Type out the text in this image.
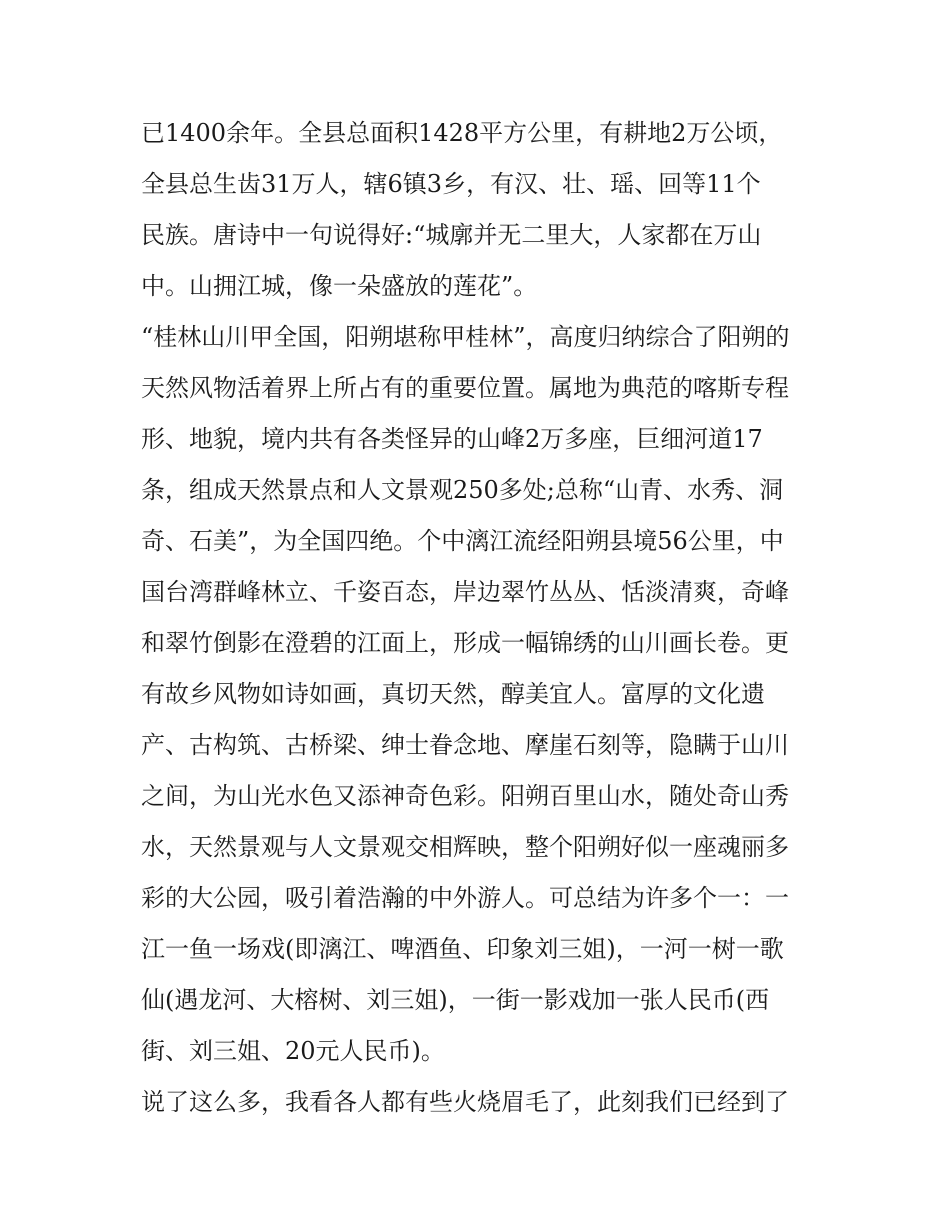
已1400余年。全县总面积1428平方公里，有耕地2万公顷，
全县总生齿31万人，辖6镇3乡，有汉、壮、瑶、回等11个
民族。唐诗中一句说得好:“城廓并无二里大，人家都在万山
中。山拥江城，像一朵盛放的莲花”。
“桂林山川甲全国，阳朔堪称甲桂林”，高度归纳综合了阳朔的
天然风物活着界上所占有的重要位置。属地为典范的喀斯专程
形、地貌，境内共有各类怪异的山峰2万多座，巨细河道17
条，组成天然景点和人文景观250多处;总称“山青、水秀、洞
奇、石美”，为全国四绝。个中漓江流经阳朔县境56公里，中
国台湾群峰林立、千姿百态，岸边翠竹丛丛、恬淡清爽，奇峰
和翠竹倒影在澄碧的江面上，形成一幅锦绣的山川画长卷。更
有故乡风物如诗如画，真切天然，醇美宜人。富厚的文化遗
产、古构筑、古桥梁、绅士眷念地、摩崖石刻等，隐瞒于山川
之间，为山光水色又添神奇色彩。阳朔百里山水，随处奇山秀
水，天然景观与人文景观交相辉映，整个阳朔好似一座魂丽多
彩的大公园，吸引着浩瀚的中外游人。可总结为许多个一：一
江一鱼一场戏(即漓江、啤酒鱼、印象刘三姐)，一河一树一歌
仙(遇龙河、大榕树、刘三姐)，一街一影戏加一张人民币(西
街、刘三姐、20元人民币)。
说了这么多，我看各人都有些火烧眉毛了，此刻我们已经到了
